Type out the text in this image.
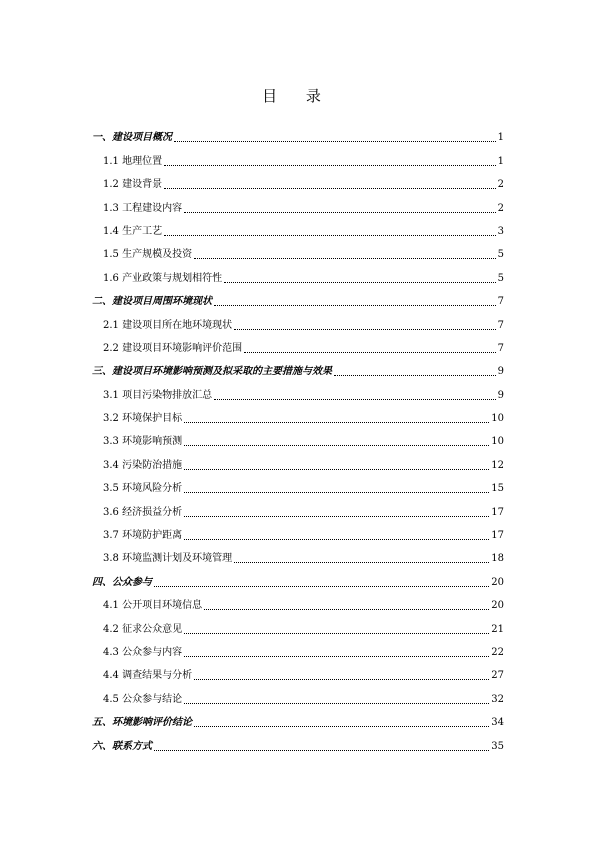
目 录
一、建设项目概况	1
1.1 地理位置	1
1.2 建设背景	2
1.3 工程建设内容	2
1.4 生产工艺	3
1.5 生产规模及投资	5
1.6 产业政策与规划相符性	5
二、建设项目周围环境现状	7
2.1 建设项目所在地环境现状	7
2.2 建设项目环境影响评价范围	7
三、建设项目环境影响预测及拟采取的主要措施与效果	9
3.1 项目污染物排放汇总	9
3.2 环境保护目标	10
3.3 环境影响预测	10
3.4 污染防治措施	12
3.5 环境风险分析	15
3.6 经济损益分析	17
3.7 环境防护距离	17
3.8 环境监测计划及环境管理	18
四、公众参与	20
4.1 公开项目环境信息	20
4.2 征求公众意见	21
4.3 公众参与内容	22
4.4 调查结果与分析	27
4.5 公众参与结论	32
五、环境影响评价结论	34
六、联系方式	35
